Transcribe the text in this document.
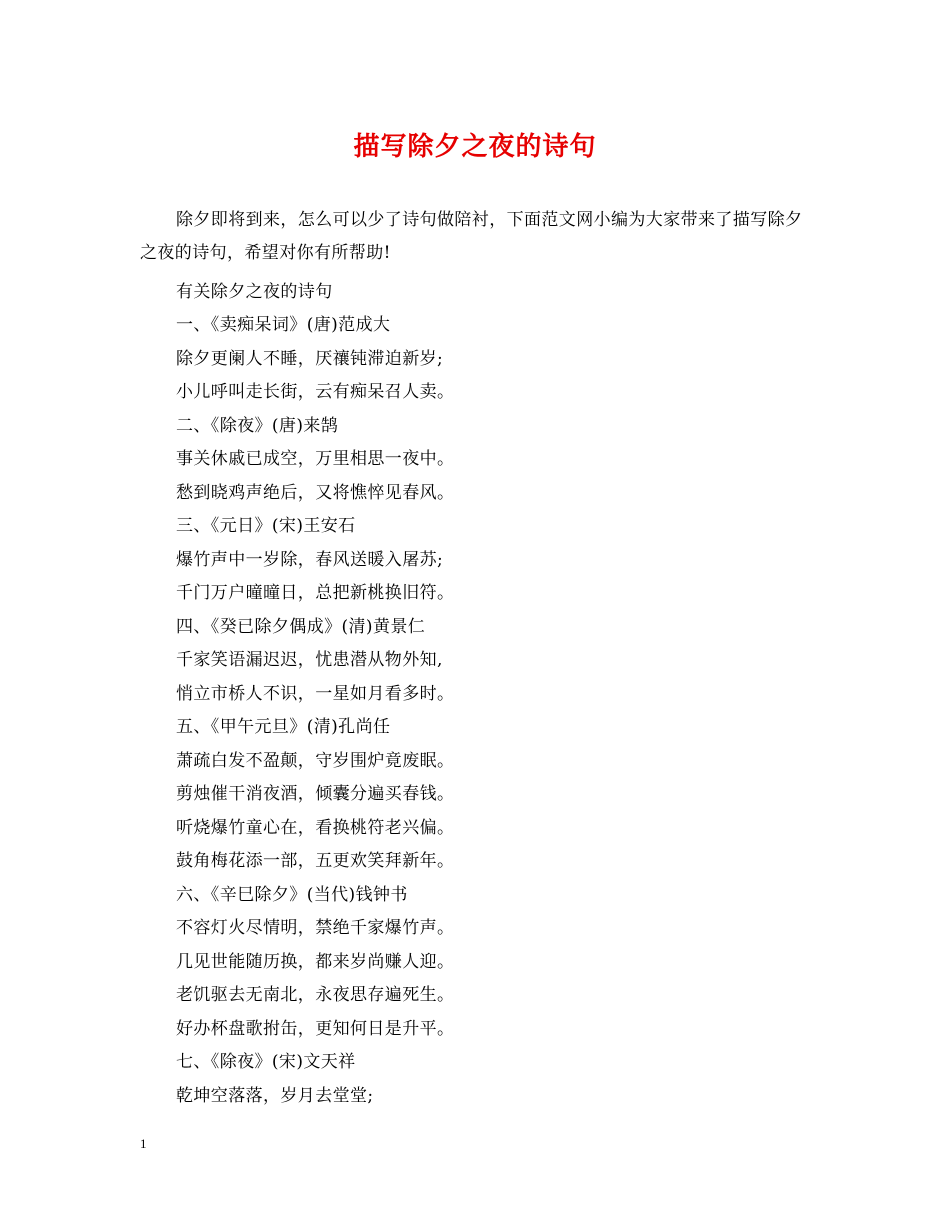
描写除夕之夜的诗句
除夕即将到来，怎么可以少了诗句做陪衬，下面范文网小编为大家带来了描写除夕之夜的诗句，希望对你有所帮助!
有关除夕之夜的诗句
一、《卖痴呆词》(唐)范成大
除夕更阑人不睡，厌禳钝滞迫新岁;
小儿呼叫走长街，云有痴呆召人卖。
二、《除夜》(唐)来鹄
事关休戚已成空，万里相思一夜中。
愁到晓鸡声绝后，又将憔悴见春风。
三、《元日》(宋)王安石
爆竹声中一岁除，春风送暖入屠苏;
千门万户曈曈日，总把新桃换旧符。
四、《癸已除夕偶成》(清)黄景仁
千家笑语漏迟迟，忧患潜从物外知,
悄立市桥人不识，一星如月看多时。
五、《甲午元旦》(清)孔尚任
萧疏白发不盈颠，守岁围炉竟废眠。
剪烛催干消夜酒，倾囊分遍买春钱。
听烧爆竹童心在，看换桃符老兴偏。
鼓角梅花添一部，五更欢笑拜新年。
六、《辛巳除夕》(当代)钱钟书
不容灯火尽情明，禁绝千家爆竹声。
几见世能随历换，都来岁尚赚人迎。
老饥驱去无南北，永夜思存遍死生。
好办杯盘歌拊缶，更知何日是升平。
七、《除夜》(宋)文天祥
乾坤空落落，岁月去堂堂;
1
